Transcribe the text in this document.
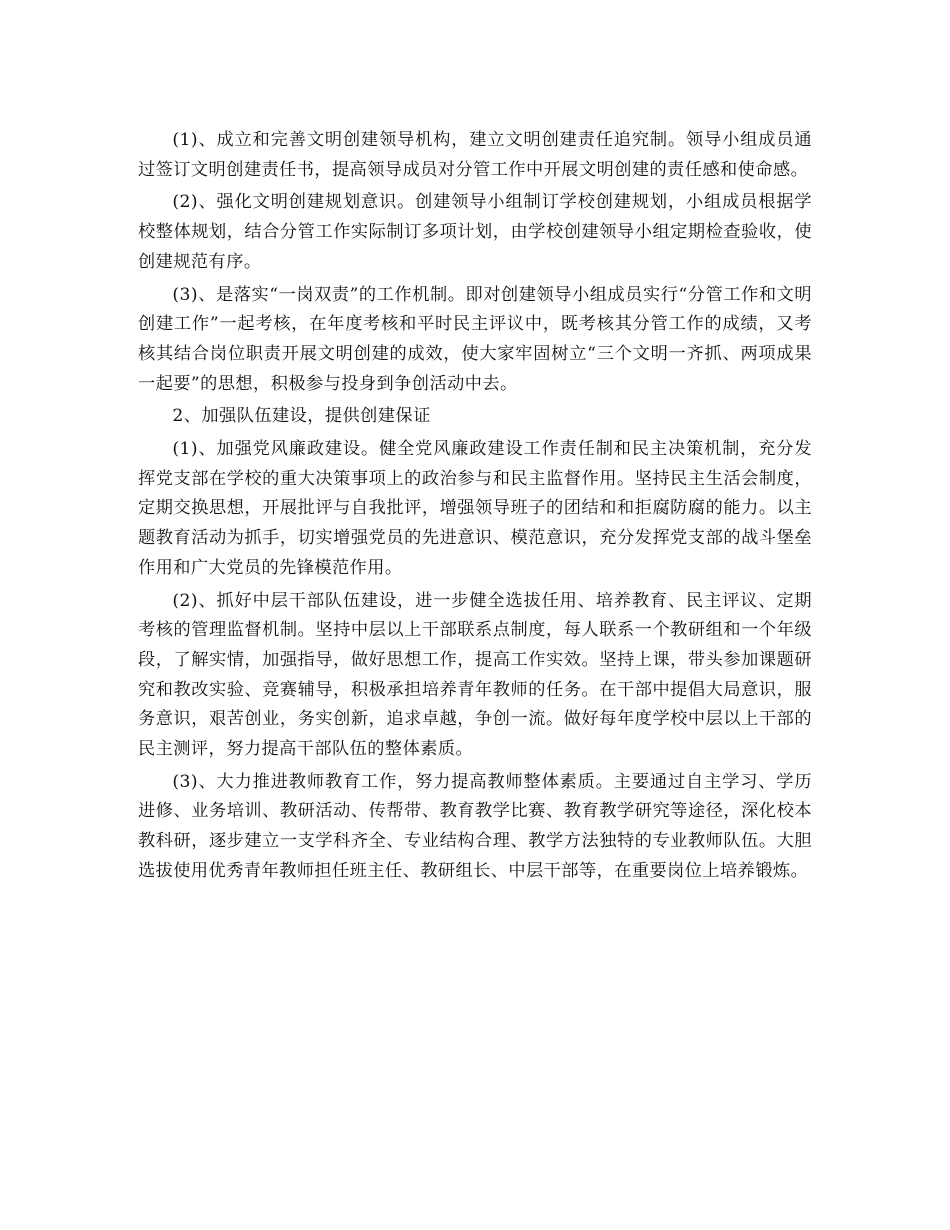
(1)、成立和完善文明创建领导机构，建立文明创建责任追究制。领导小组成员通过签订文明创建责任书，提高领导成员对分管工作中开展文明创建的责任感和使命感。

(2)、强化文明创建规划意识。创建领导小组制订学校创建规划，小组成员根据学校整体规划，结合分管工作实际制订多项计划，由学校创建领导小组定期检查验收，使创建规范有序。

(3)、是落实“一岗双责”的工作机制。即对创建领导小组成员实行“分管工作和文明创建工作”一起考核，在年度考核和平时民主评议中，既考核其分管工作的成绩，又考核其结合岗位职责开展文明创建的成效，使大家牢固树立“三个文明一齐抓、两项成果一起要”的思想，积极参与投身到争创活动中去。

2、加强队伍建设，提供创建保证

(1)、加强党风廉政建设。健全党风廉政建设工作责任制和民主决策机制，充分发挥党支部在学校的重大决策事项上的政治参与和民主监督作用。坚持民主生活会制度，定期交换思想，开展批评与自我批评，增强领导班子的团结和和拒腐防腐的能力。以主题教育活动为抓手，切实增强党员的先进意识、模范意识，充分发挥党支部的战斗堡垒作用和广大党员的先锋模范作用。

(2)、抓好中层干部队伍建设，进一步健全选拔任用、培养教育、民主评议、定期考核的管理监督机制。坚持中层以上干部联系点制度，每人联系一个教研组和一个年级段，了解实情，加强指导，做好思想工作，提高工作实效。坚持上课，带头参加课题研究和教改实验、竞赛辅导，积极承担培养青年教师的任务。在干部中提倡大局意识，服务意识，艰苦创业，务实创新，追求卓越，争创一流。做好每年度学校中层以上干部的民主测评，努力提高干部队伍的整体素质。

(3)、大力推进教师教育工作，努力提高教师整体素质。主要通过自主学习、学历进修、业务培训、教研活动、传帮带、教育教学比赛、教育教学研究等途径，深化校本教科研，逐步建立一支学科齐全、专业结构合理、教学方法独特的专业教师队伍。大胆选拔使用优秀青年教师担任班主任、教研组长、中层干部等，在重要岗位上培养锻炼。
